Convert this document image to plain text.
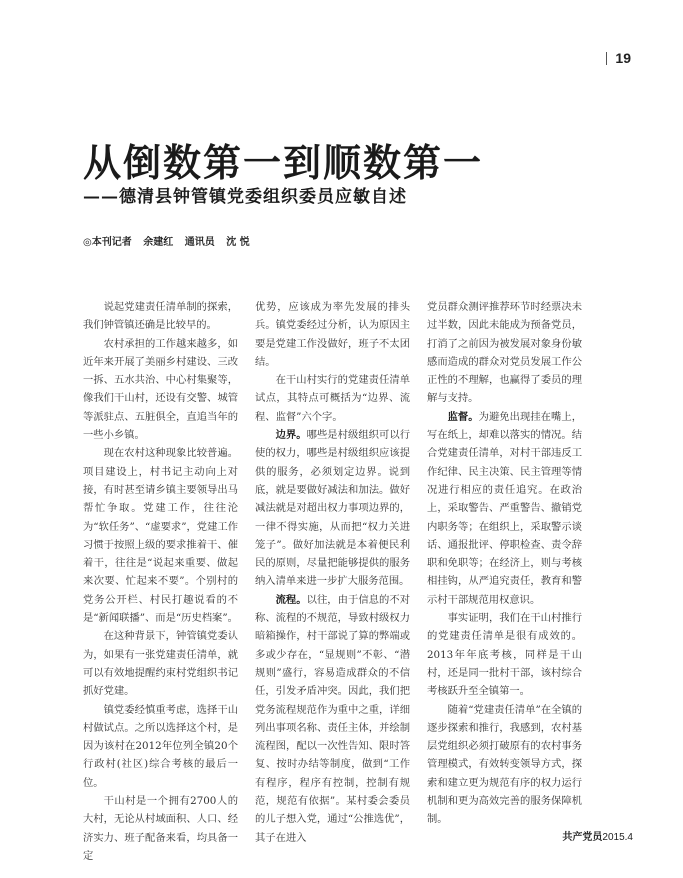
19
从倒数第一到顺数第一
——德清县钟管镇党委组织委员应敏自述
◎本刊记者 余建红 通讯员 沈 悦

说起党建责任清单制的探索，我们钟管镇还确是比较早的。

农村承担的工作越来越多，如近年来开展了美丽乡村建设、三改一拆、五水共治、中心村集聚等，像我们干山村，还设有交警、城管等派驻点、五脏俱全，直追当年的一些小乡镇。

现在农村这种现象比较普遍。项目建设上，村书记主动向上对接，有时甚至请乡镇主要领导出马帮忙争取。党建工作，往往沦为“软任务”、“虚要求”，党建工作习惯于按照上级的要求推着干、催着干，往往是“说起来重要、做起来次要、忙起来不要”。个别村的党务公开栏、村民打趣说看的不是“新闻联播”、而是“历史档案”。

在这种背景下，钟管镇党委认为，如果有一张党建责任清单，就可以有效地提醒约束村党组织书记抓好党建。

镇党委经慎重考虑，选择干山村做试点。之所以选择这个村，是因为该村在2012年位列全镇20个行政村(社区)综合考核的最后一位。

干山村是一个拥有2700人的大村，无论从村域面积、人口、经济实力、班子配备来看，均具备一定

优势，应该成为率先发展的排头兵。镇党委经过分析，认为原因主要是党建工作没做好，班子不太团结。

在干山村实行的党建责任清单试点，其特点可概括为“边界、流程、监督”六个字。

边界。哪些是村级组织可以行使的权力，哪些是村级组织应该提供的服务，必须划定边界。说到底，就是要做好减法和加法。做好减法就是对超出权力事项边界的，一律不得实施，从而把“权力关进笼子”。做好加法就是本着便民利民的原则，尽量把能够提供的服务纳入清单来进一步扩大服务范围。

流程。以往，由于信息的不对称、流程的不规范，导致村级权力暗箱操作，村干部说了算的弊端或多或少存在，“显规则”不彰、“潜规则”盛行，容易造成群众的不信任，引发矛盾冲突。因此，我们把党务流程规范作为重中之重，详细列出事项名称、责任主体，并绘制流程图，配以一次性告知、限时答复、按时办结等制度，做到“工作有程序，程序有控制，控制有规范，规范有依据”。某村委会委员的儿子想入党，通过“公推选优”，其子在进入

党员群众测评推荐环节时经票决未过半数，因此未能成为预备党员，打消了之前因为被发展对象身份敏感而造成的群众对党员发展工作公正性的不理解，也赢得了委员的理解与支持。

监督。为避免出现挂在嘴上，写在纸上，却难以落实的情况。结合党建责任清单，对村干部违反工作纪律、民主决策、民主管理等情况进行相应的责任追究。在政治上，采取警告、严重警告、撤销党内职务等；在组织上，采取警示谈话、通报批评、停职检查、责令辞职和免职等；在经济上，则与考核相挂钩，从严追究责任，教育和警示村干部规范用权意识。

事实证明，我们在干山村推行的党建责任清单是很有成效的。2013年年底考核，同样是干山村，还是同一批村干部，该村综合考核跃升至全镇第一。

随着“党建责任清单”在全镇的逐步探索和推行，我感到，农村基层党组织必须打破原有的农村事务管理模式，有效转变领导方式，探索和建立更为规范有序的权力运行机制和更为高效完善的服务保障机制。

共产党员2015.4
